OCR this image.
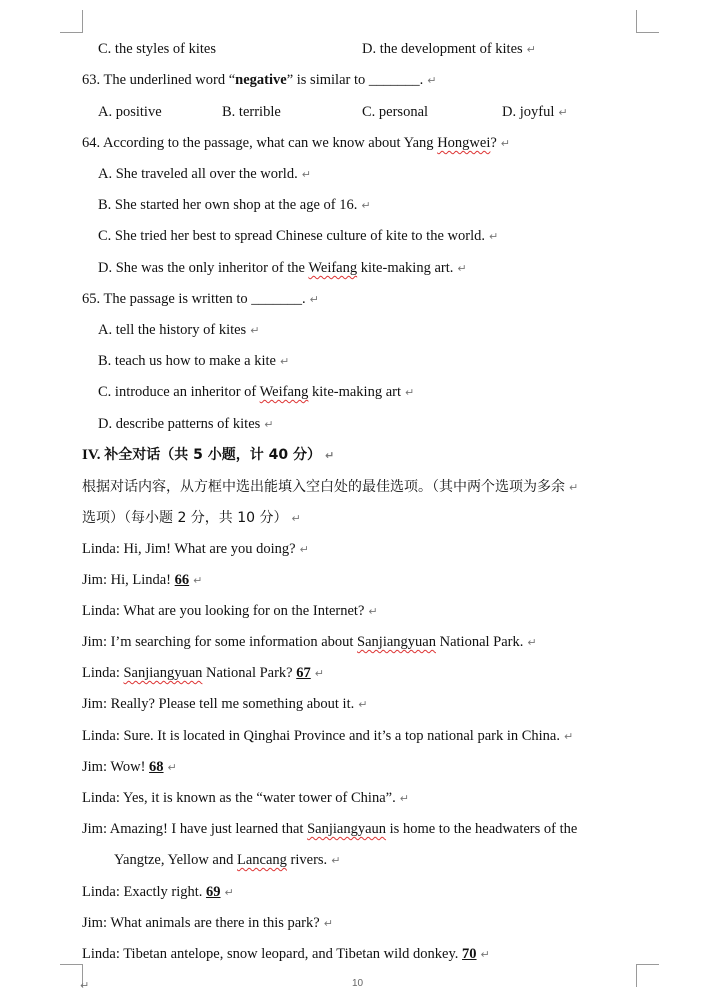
C. the styles of kites	D. the development of kites ↵
63. The underlined word “negative” is similar to _______. ↵
A. positive	B. terrible	C. personal	D. joyful ↵
64. According to the passage, what can we know about Yang Hongwei? ↵
A. She traveled all over the world. ↵
B. She started her own shop at the age of 16. ↵
C. She tried her best to spread Chinese culture of kite to the world. ↵
D. She was the only inheritor of the Weifang kite-making art. ↵
65. The passage is written to _______. ↵
A. tell the history of kites ↵
B. teach us how to make a kite ↵
C. introduce an inheritor of Weifang kite-making art ↵
D. describe patterns of kites ↵
IV. 补全对话（共 5 小题，计 40 分） ↵
根据对话内容，从方框中选出能填入空白处的最佳选项。（其中两个选项为多余 ↵
选项）（每小题 2 分，共 10 分） ↵
Linda: Hi, Jim! What are you doing? ↵
Jim: Hi, Linda! 66 ↵
Linda: What are you looking for on the Internet? ↵
Jim: I’m searching for some information about Sanjiangyuan National Park. ↵
Linda: Sanjiangyuan National Park? 67 ↵
Jim: Really? Please tell me something about it. ↵
Linda: Sure. It is located in Qinghai Province and it’s a top national park in China. ↵
Jim: Wow! 68 ↵
Linda: Yes, it is known as the “water tower of China”. ↵
Jim: Amazing! I have just learned that Sanjiangyaun is home to the headwaters of the
Yangtze, Yellow and Lancang rivers. ↵
Linda: Exactly right. 69 ↵
Jim: What animals are there in this park? ↵
Linda: Tibetan antelope, snow leopard, and Tibetan wild donkey. 70 ↵
↵	10
